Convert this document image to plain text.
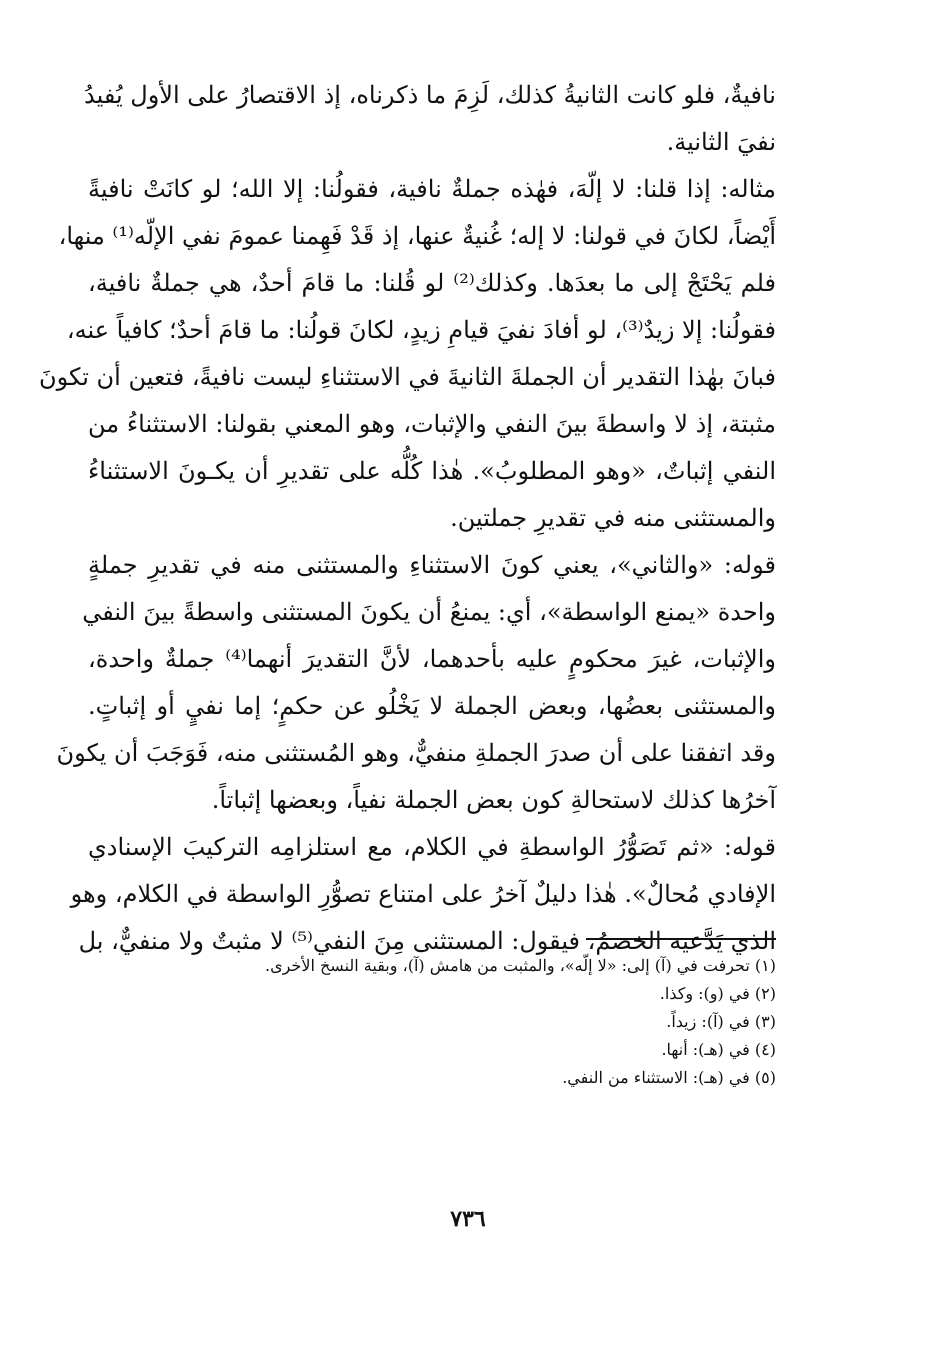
نافيةٌ، فلو كانت الثانيةُ كذلك، لَزِمَ ما ذكرناه، إذ الاقتصارُ على الأول يُفيدُ
نفيَ الثانية.
مثاله: إذا قلنا: لا إلّهَ، فهٰذه جملةٌ نافية، فقولُنا: إلا الله؛ لو كانَتْ نافيةً
أَيْضاً، لكانَ في قولنا: لا إله؛ غُنيةٌ عنها، إذ قَدْ فَهِمنا عمومَ نفي الإلّه⁽¹⁾ منها،
فلم يَحْتَجْ إلى ما بعدَها. وكذلك⁽²⁾ لو قُلنا: ما قامَ أحدٌ، هي جملةٌ نافية،
فقولُنا: إلا زيدٌ⁽³⁾، لو أفادَ نفيَ قيامِ زيدٍ، لكانَ قولُنا: ما قامَ أحدٌ؛ كافياً عنه،
فبانَ بهٰذا التقدير أن الجملةَ الثانيةَ في الاستثناءِ ليست نافيةً، فتعين أن تكونَ
مثبتة، إذ لا واسطةَ بينَ النفي والإثبات، وهو المعني بقولنا: الاستثناءُ من
النفي إثباتٌ، «وهو المطلوبُ». هٰذا كُلُّه على تقديرِ أن يكـونَ الاستثناءُ
والمستثنى منه في تقديرِ جملتين.
قوله: «والثاني»، يعني كونَ الاستثناءِ والمستثنى منه في تقديرِ جملةٍ
واحدة «يمنع الواسطة»، أي: يمنعُ أن يكونَ المستثنى واسطةً بينَ النفي
والإثبات، غيرَ محكومٍ عليه بأحدهما، لأنَّ التقديرَ أنهما⁽⁴⁾ جملةٌ واحدة،
والمستثنى بعضُها، وبعض الجملة لا يَخْلُو عن حكمٍ؛ إما نفيٍ أو إثباتٍ.
وقد اتفقنا على أن صدرَ الجملةِ منفيٌّ، وهو المُستثنى منه، فَوَجَبَ أن يكونَ
آخرُها كذلك لاستحالةِ كون بعض الجملة نفياً، وبعضها إثباتاً.
قوله: «ثم تَصَوُّرُ الواسطةِ في الكلام، مع استلزامِه التركيبَ الإسنادي
الإفادي مُحالٌ». هٰذا دليلٌ آخرُ على امتناع تصوُّرِ الواسطة في الكلام، وهو
الذي يَدَّعيه الخصمُ، فيقول: المستثنى مِنَ النفي⁽⁵⁾ لا مثبتٌ ولا منفيٌّ، بل
(١) تحرفت في (آ) إلى: «لا إلّه»، والمثبت من هامش (آ)، وبقية النسخ الأخرى.
(٢) في (و): وكذا.
(٣) في (آ): زيداً.
(٤) في (هـ): أنها.
(٥) في (هـ): الاستثناء من النفي.
٧٣٦
